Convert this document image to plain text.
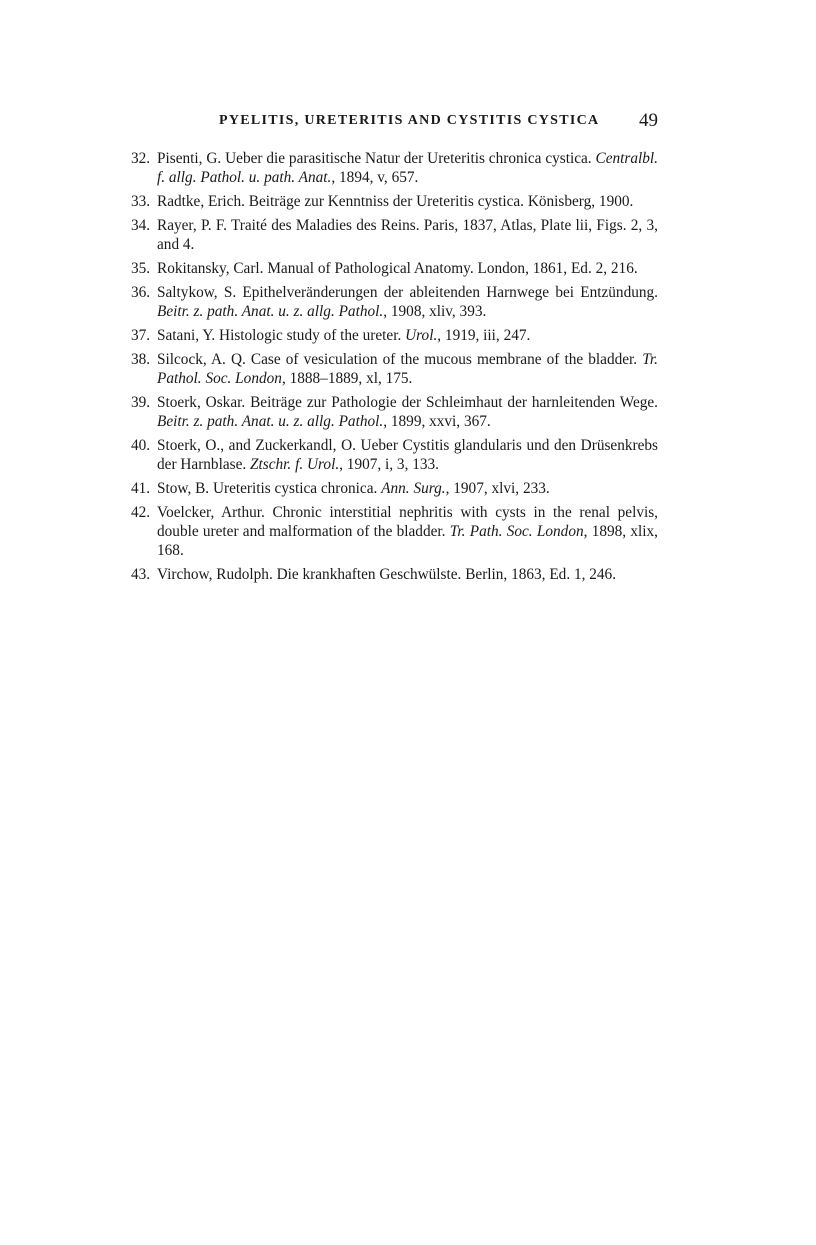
PYELITIS, URETERITIS AND CYSTITIS CYSTICA 49
32. Pisenti, G. Ueber die parasitische Natur der Ureteritis chronica cystica. Centralbl. f. allg. Pathol. u. path. Anat., 1894, v, 657.
33. Radtke, Erich. Beiträge zur Kenntniss der Ureteritis cystica. Könisberg, 1900.
34. Rayer, P. F. Traité des Maladies des Reins. Paris, 1837, Atlas, Plate lii, Figs. 2, 3, and 4.
35. Rokitansky, Carl. Manual of Pathological Anatomy. London, 1861, Ed. 2, 216.
36. Saltykow, S. Epithelveränderungen der ableitenden Harnwege bei Entzündung. Beitr. z. path. Anat. u. z. allg. Pathol., 1908, xliv, 393.
37. Satani, Y. Histologic study of the ureter. Urol., 1919, iii, 247.
38. Silcock, A. Q. Case of vesiculation of the mucous membrane of the bladder. Tr. Pathol. Soc. London, 1888–1889, xl, 175.
39. Stoerk, Oskar. Beiträge zur Pathologie der Schleimhaut der harnleitenden Wege. Beitr. z. path. Anat. u. z. allg. Pathol., 1899, xxvi, 367.
40. Stoerk, O., and Zuckerkandl, O. Ueber Cystitis glandularis und den Drüsenkrebs der Harnblase. Ztschr. f. Urol., 1907, i, 3, 133.
41. Stow, B. Ureteritis cystica chronica. Ann. Surg., 1907, xlvi, 233.
42. Voelcker, Arthur. Chronic interstitial nephritis with cysts in the renal pelvis, double ureter and malformation of the bladder. Tr. Path. Soc. London, 1898, xlix, 168.
43. Virchow, Rudolph. Die krankhaften Geschwülste. Berlin, 1863, Ed. 1, 246.
